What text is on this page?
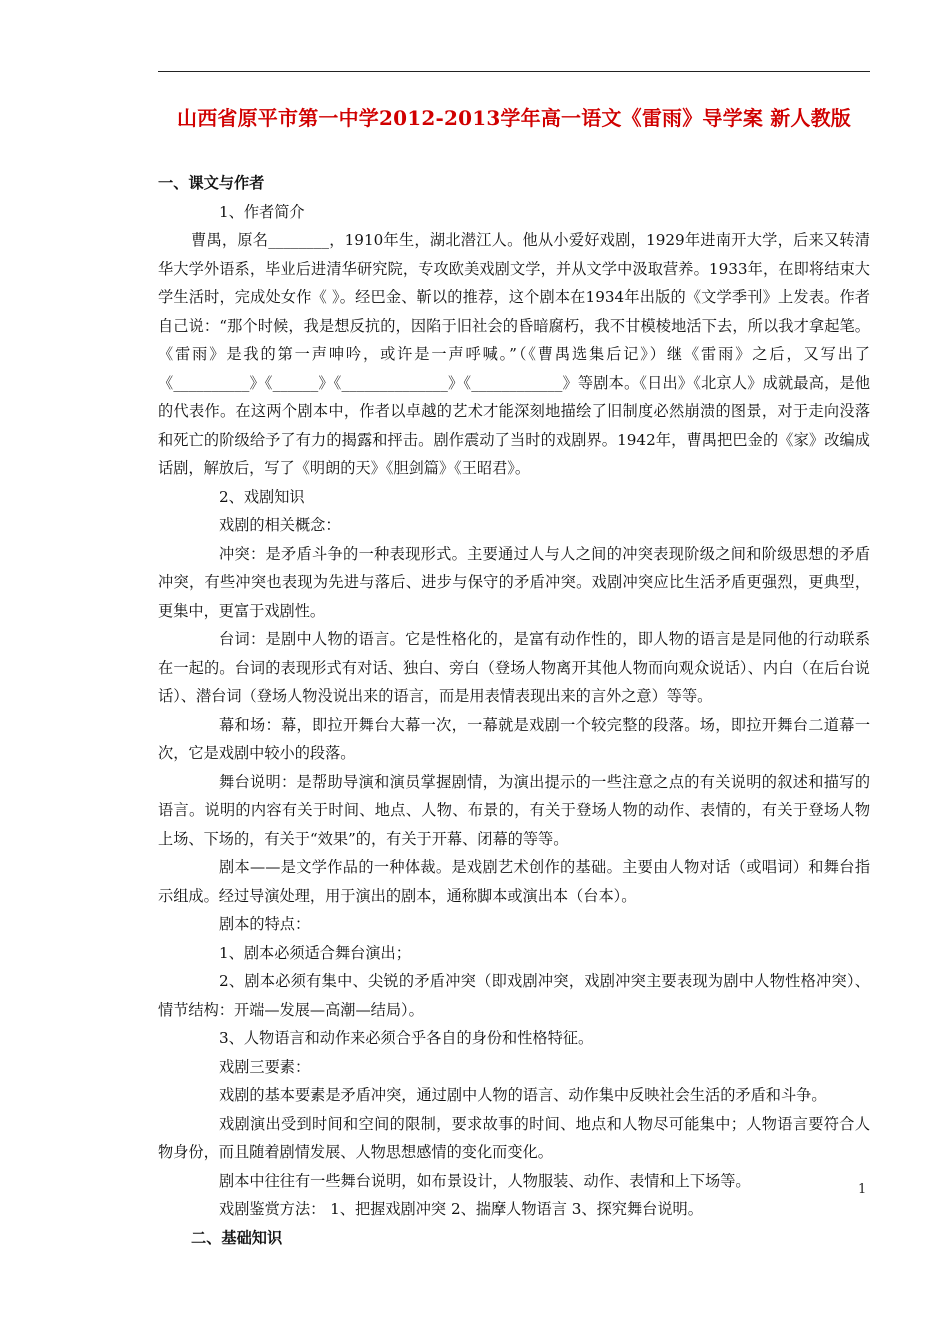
山西省原平市第一中学2012-2013学年高一语文《雷雨》导学案 新人教版

一、课文与作者

1、作者简介

曹禺，原名________，1910年生，湖北潜江人。他从小爱好戏剧，1929年进南开大学，后来又转清华大学外语系，毕业后进清华研究院，专攻欧美戏剧文学，并从文学中汲取营养。1933年，在即将结束大学生活时，完成处女作《 》。经巴金、靳以的推荐，这个剧本在1934年出版的《文学季刊》上发表。作者自己说：“那个时候，我是想反抗的，因陷于旧社会的昏暗腐朽，我不甘模棱地活下去，所以我才拿起笔。《雷雨》是我的第一声呻吟，或许是一声呼喊。”（《曹禺选集后记》）继《雷雨》之后，又写出了《__________》《______》《______________》《____________》等剧本。《日出》《北京人》成就最高，是他的代表作。在这两个剧本中，作者以卓越的艺术才能深刻地描绘了旧制度必然崩溃的图景，对于走向没落和死亡的阶级给予了有力的揭露和抨击。剧作震动了当时的戏剧界。1942年，曹禺把巴金的《家》改编成话剧，解放后，写了《明朗的天》《胆剑篇》《王昭君》。

2、戏剧知识

戏剧的相关概念：

冲突：是矛盾斗争的一种表现形式。主要通过人与人之间的冲突表现阶级之间和阶级思想的矛盾冲突，有些冲突也表现为先进与落后、进步与保守的矛盾冲突。戏剧冲突应比生活矛盾更强烈，更典型，更集中，更富于戏剧性。

台词：是剧中人物的语言。它是性格化的，是富有动作性的，即人物的语言是是同他的行动联系在一起的。台词的表现形式有对话、独白、旁白（登场人物离开其他人物而向观众说话）、内白（在后台说话）、潜台词（登场人物没说出来的语言，而是用表情表现出来的言外之意）等等。

幕和场：幕，即拉开舞台大幕一次，一幕就是戏剧一个较完整的段落。场，即拉开舞台二道幕一次，它是戏剧中较小的段落。

舞台说明：是帮助导演和演员掌握剧情，为演出提示的一些注意之点的有关说明的叙述和描写的语言。说明的内容有关于时间、地点、人物、布景的，有关于登场人物的动作、表情的，有关于登场人物上场、下场的，有关于“效果”的，有关于开幕、闭幕的等等。

剧本——是文学作品的一种体裁。是戏剧艺术创作的基础。主要由人物对话（或唱词）和舞台指示组成。经过导演处理，用于演出的剧本，通称脚本或演出本（台本）。

剧本的特点：

1、剧本必须适合舞台演出；

2、剧本必须有集中、尖锐的矛盾冲突（即戏剧冲突，戏剧冲突主要表现为剧中人物性格冲突）、情节结构：开端—发展—高潮—结局）。

3、人物语言和动作来必须合乎各自的身份和性格特征。

戏剧三要素：

戏剧的基本要素是矛盾冲突，通过剧中人物的语言、动作集中反映社会生活的矛盾和斗争。

戏剧演出受到时间和空间的限制，要求故事的时间、地点和人物尽可能集中；人物语言要符合人物身份，而且随着剧情发展、人物思想感情的变化而变化。

剧本中往往有一些舞台说明，如布景设计，人物服装、动作、表情和上下场等。

戏剧鉴赏方法： 1、把握戏剧冲突 2、揣摩人物语言 3、探究舞台说明。

二、基础知识

1
